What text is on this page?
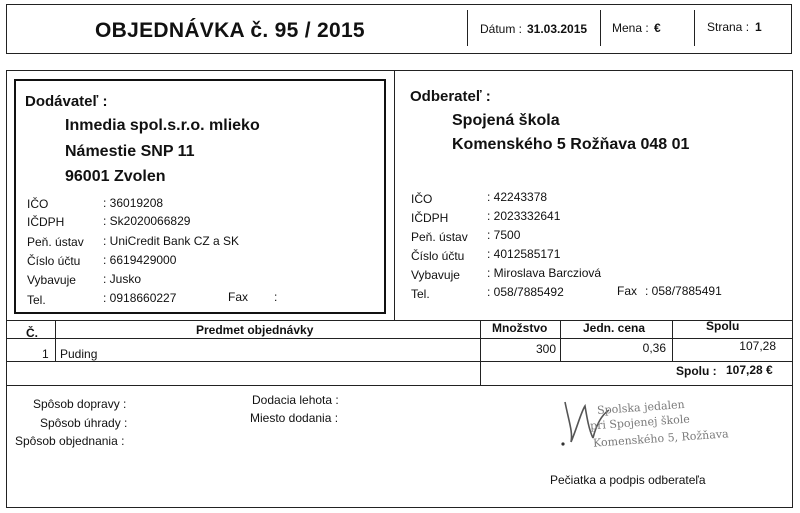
OBJEDNÁVKA č. 95 / 2015	Dátum : 31.03.2015 Mena : €	Strana : 1
Dodávateľ :
Inmedia spol.s.r.o. mlieko
Námestie SNP 11
96001 Zvolen
IČO	: 36019208
IČDPH	: Sk2020066829
Peň. ústav : UniCredit Bank CZ a SK
Číslo účtu : 6619429000
Vybavuje : Jusko
Tel.	: 0918660227	Fax :
Odberateľ :
Spojená škola
Komenského 5 Rožňava 048 01
IČO	: 42243378
IČDPH	: 2023332641
Peň. ústav : 7500
Číslo účtu : 4012585171
Vybavuje : Miroslava Barcziová
Tel.	: 058/7885492	Fax : 058/7885491
Č.	Predmet objednávky	Množstvo	Jedn. cena	Spolu
1 Puding	300	0,36	107,28
Spolu : 107,28 €
Spôsob dopravy :
Spôsob úhrady :
Spôsob objednania :
Dodacia lehota :
Miesto dodania :
Spolska jedalen
pri Spojenej škole
Komenského 5, Rožňava
Pečiatka a podpis odberateľa
